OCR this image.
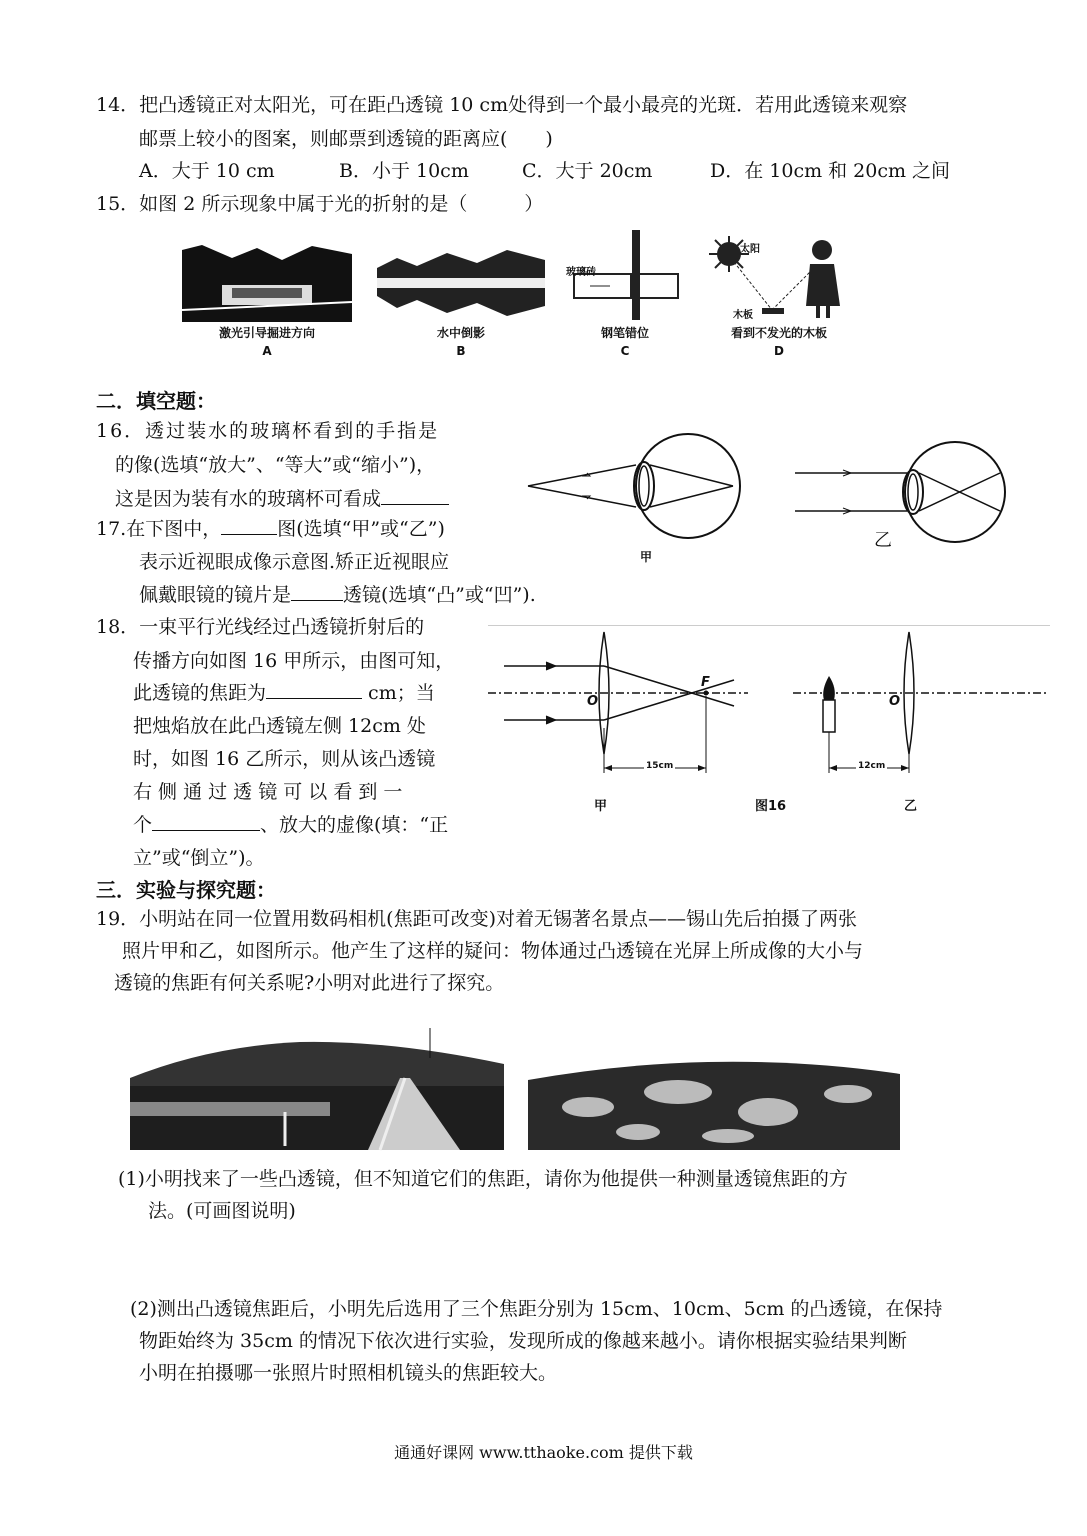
14．把凸透镜正对太阳光，可在距凸透镜 10 cm处得到一个最小最亮的光斑．若用此透镜来观察
邮票上较小的图案，则邮票到透镜的距离应(　　)
A．大于 10 cm	B．小于 10cm	C．大于 20cm	D．在 10cm 和 20cm 之间
15．如图 2 所示现象中属于光的折射的是（　　　）
激光引导掘进方向
A
水中倒影
B
玻璃砖
钢笔错位
C
太阳
木板
看到不发光的木板
D
二．填空题：
16．透过装水的玻璃杯看到的手指是
的像(选填“放大”、“等大”或“缩小”)，
这是因为装有水的玻璃杯可看成
17.在下图中，	图(选填“甲”或“乙”)
表示近视眼成像示意图.矫正近视眼应
佩戴眼镜的镜片是	透镜(选填“凸”或“凹”).
甲
乙
18．一束平行光线经过凸透镜折射后的
传播方向如图 16 甲所示，由图可知，
此透镜的焦距为	cm；当
把烛焰放在此凸透镜左侧 12cm 处
时，如图 16 乙所示，则从该凸透镜
右 侧 通 过 透 镜 可 以 看 到 一
个	、放大的虚像(填：“正
立”或“倒立”)。
O
F
15cm
O
12cm
甲	图16	乙
三．实验与探究题：
19．小明站在同一位置用数码相机(焦距可改变)对着无锡著名景点——锡山先后拍摄了两张
照片甲和乙，如图所示。他产生了这样的疑问：物体通过凸透镜在光屏上所成像的大小与
透镜的焦距有何关系呢?小明对此进行了探究。
(1)小明找来了一些凸透镜，但不知道它们的焦距，请你为他提供一种测量透镜焦距的方
法。(可画图说明)
(2)测出凸透镜焦距后，小明先后选用了三个焦距分别为 15cm、10cm、5cm 的凸透镜，在保持
物距始终为 35cm 的情况下依次进行实验，发现所成的像越来越小。请你根据实验结果判断
小明在拍摄哪一张照片时照相机镜头的焦距较大。
通通好课网 www.tthaoke.com 提供下载
